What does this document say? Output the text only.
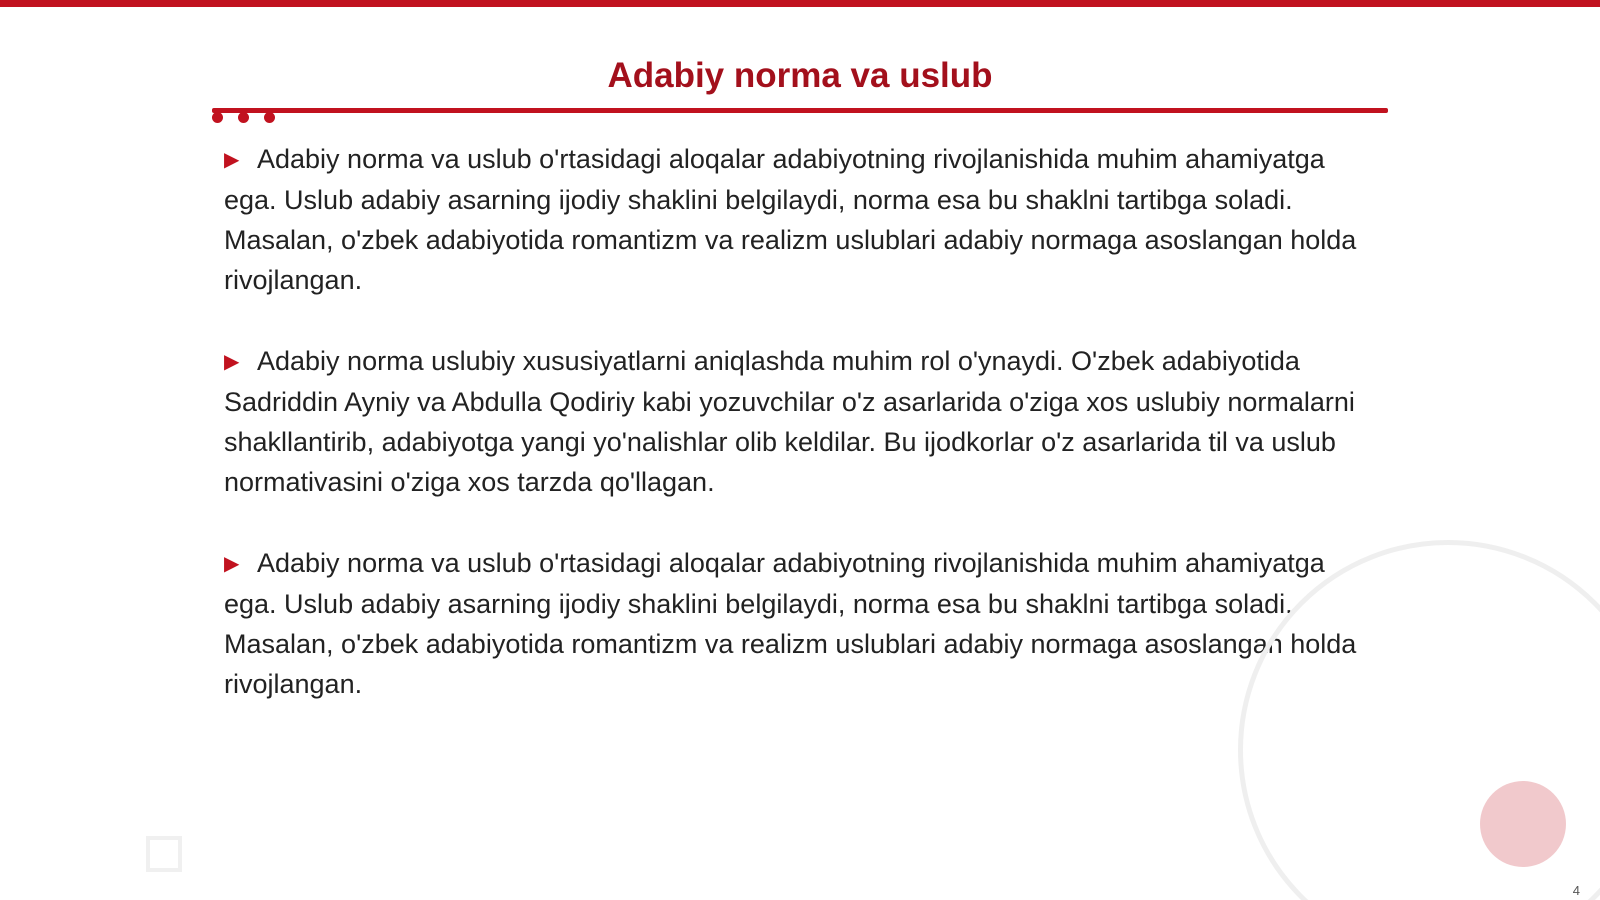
Adabiy norma va uslub

▶ Adabiy norma va uslub o'rtasidagi aloqalar adabiyotning rivojlanishida muhim ahamiyatga ega. Uslub adabiy asarning ijodiy shaklini belgilaydi, norma esa bu shaklni tartibga soladi. Masalan, o'zbek adabiyotida romantizm va realizm uslublari adabiy normaga asoslangan holda rivojlangan.

▶ Adabiy norma uslubiy xususiyatlarni aniqlashda muhim rol o'ynaydi. O'zbek adabiyotida Sadriddin Ayniy va Abdulla Qodiriy kabi yozuvchilar o'z asarlarida o'ziga xos uslubiy normalarni shakllantirib, adabiyotga yangi yo'nalishlar olib keldilar. Bu ijodkorlar o'z asarlarida til va uslub normativasini o'ziga xos tarzda qo'llagan.

▶ Adabiy norma va uslub o'rtasidagi aloqalar adabiyotning rivojlanishida muhim ahamiyatga ega. Uslub adabiy asarning ijodiy shaklini belgilaydi, norma esa bu shaklni tartibga soladi. Masalan, o'zbek adabiyotida romantizm va realizm uslublari adabiy normaga asoslangan holda rivojlangan.

4
